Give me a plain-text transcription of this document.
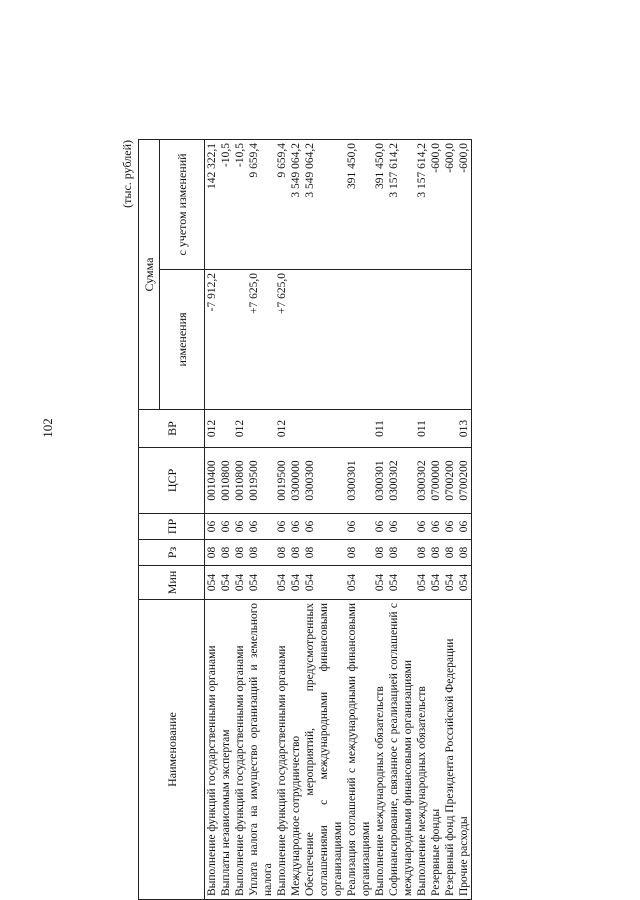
102
(тыс. рублей)
Наименование	Мин	Рз	ПР	ЦСР	ВР	Сумма	
						изменения	с учетом изменений
Выполнение функций государственными органами	054	08	06	0010400	012	-7 912,2	142 322,1
Выплаты независимым экспертам	054	08	06	0010800			-10,5
Выполнение функций государственными органами	054	08	06	0010800	012		-10,5
Уплата налога на имущество организаций и земельного налога	054	08	06	0019500		+7 625,0	9 659,4
Выполнение функций государственными органами	054	08	06	0019500	012	+7 625,0	9 659,4
Международное сотрудничество	054	08	06	0300000			3 549 064,2
Обеспечение мероприятий, предусмотренных соглашениями с международными финансовыми организациями	054	08	06	0300300			3 549 064,2
Реализация соглашений с международными финансовыми организациями	054	08	06	0300301			391 450,0
Выполнение международных обязательств	054	08	06	0300301	011		391 450,0
Софинансирование, связанное с реализацией соглашений с международными финансовыми организациями	054	08	06	0300302			3 157 614,2
Выполнение международных обязательств	054	08	06	0300302	011		3 157 614,2
Резервные фонды	054	08	06	0700000			-600,0
Резервный фонд Президента Российской Федерации	054	08	06	0700200			-600,0
Прочие расходы	054	08	06	0700200	013		-600,0
